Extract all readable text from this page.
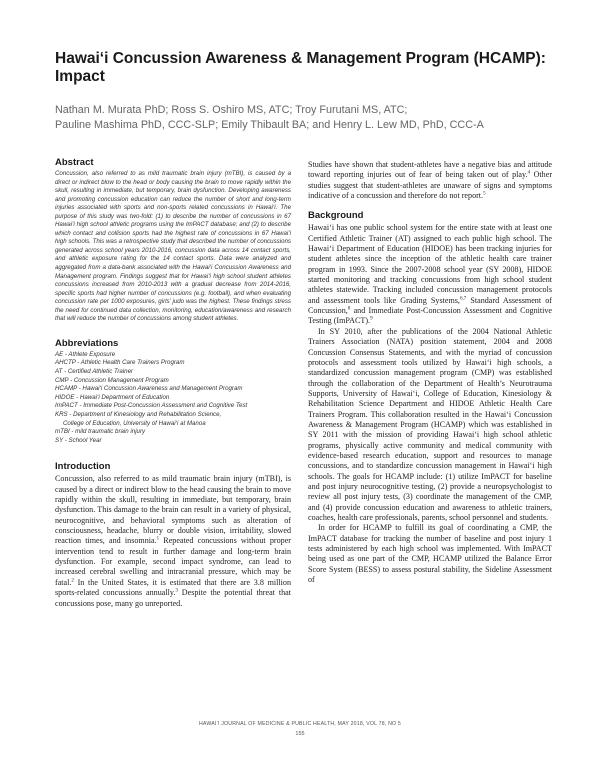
Hawai‘i Concussion Awareness & Management Program (HCAMP): Impact
Nathan M. Murata PhD; Ross S. Oshiro MS, ATC; Troy Furutani MS, ATC;
Pauline Mashima PhD, CCC-SLP; Emily Thibault BA; and Henry L. Lew MD, PhD, CCC-A
Abstract

Concussion, also referred to as mild traumatic brain injury (mTBI), is caused by a direct or indirect blow to the head or body causing the brain to move rapidly within the skull, resulting in immediate, but temporary, brain dysfunction. Developing awareness and promoting concussion education can reduce the number of short and long-term injuries associated with sports and non-sports related concussions in Hawai‘i. The purpose of this study was two-fold: (1) to describe the number of concussions in 67 Hawai‘i high school athletic programs using the ImPACT database; and (2) to describe which contact and collision sports had the highest rate of concussions in 67 Hawai‘i high schools. This was a retrospective study that described the number of concussions generated across school years 2010-2016, concussion data across 14 contact sports, and athletic exposure rating for the 14 contact sports. Data were analyzed and aggregated from a data-bank associated with the Hawai‘i Concussion Awareness and Management program. Findings suggest that for Hawai‘i high school student athletes concussions increased from 2010-2013 with a gradual decrease from 2014-2016, specific sports had higher number of concussions (e.g. football), and when evaluating concussion rate per 1000 exposures, girls’ judo was the highest. These findings stress the need for continued data collection, monitoring, education/awareness and research that will reduce the number of concussions among student athletes.

Abbreviations
AE - Athlete Exposure
AHCTP - Athletic Health Care Trainers Program
AT - Certified Athletic Trainer
CMP - Concussion Management Program
HCAMP - Hawai‘i Concussion Awareness and Management Program
HIDOE - Hawai‘i Department of Education
ImPACT - Immediate Post-Concussion Assessment and Cognitive Test
KRS - Department of Kinesiology and Rehabilitation Science,
College of Education, University of Hawai‘i at Manoa
mTBI - mild traumatic brain injury
SY - School Year
Introduction

Concussion, also referred to as mild traumatic brain injury (mTBI), is caused by a direct or indirect blow to the head causing the brain to move rapidly within the skull, resulting in immediate, but temporary, brain dysfunction. This damage to the brain can result in a variety of physical, neurocognitive, and behavioral symptoms such as alteration of consciousness, headache, blurry or double vision, irritability, slowed reaction times, and insomnia.$^1$ Repeated concussions without proper intervention tend to result in further damage and long-term brain dysfunction. For example, second impact syndrome, can lead to increased cerebral swelling and intracranial pressure, which may be fatal.$^2$ In the United States, it is estimated that there are 3.8 million sports-related concussions annually.$^3$ Despite the potential threat that concussions pose, many go unreported.

Studies have shown that student-athletes have a negative bias and attitude toward reporting injuries out of fear of being taken out of play.$^4$ Other studies suggest that student-athletes are unaware of signs and symptoms indicative of a concussion and therefore do not report.$^5$

Background

Hawai‘i has one public school system for the entire state with at least one Certified Athletic Trainer (AT) assigned to each public high school. The Hawai‘i Department of Education (HIDOE) has been tracking injuries for student athletes since the inception of the athletic health care trainer program in 1993. Since the 2007-2008 school year (SY 2008), HIDOE started monitoring and tracking concussions from high school student athletes statewide. Tracking included concussion management protocols and assessment tools like Grading Systems,$^{6,7}$ Standard Assessment of Concussion,$^8$ and Immediate Post-Concussion Assessment and Cognitive Testing (ImPACT).$^9$

In SY 2010, after the publications of the 2004 National Athletic Trainers Association (NATA) position statement, 2004 and 2008 Concussion Consensus Statements, and with the myriad of concussion protocols and assessment tools utilized by Hawai‘i high schools, a standardized concussion management program (CMP) was established through the collaboration of the Department of Health’s Neurotrauma Supports, University of Hawai‘i, College of Education, Kinesiology & Rehabilitation Science Department and HIDOE Athletic Health Care Trainers Program. This collaboration resulted in the Hawai‘i Concussion Awareness & Management Program (HCAMP) which was established in SY 2011 with the mission of providing Hawai‘i high school athletic programs, physically active community and medical community with evidence-based research education, support and resources to manage concussions, and to standardize concussion management in Hawai‘i high schools. The goals for HCAMP include: (1) utilize ImPACT for baseline and post injury neurocognitive testing, (2) provide a neuropsychologist to review all post injury tests, (3) coordinate the management of the CMP, and (4) provide concussion education and awareness to athletic trainers, coaches, health care professionals, parents, school personnel and students.

In order for HCAMP to fulfill its goal of coordinating a CMP, the ImPACT database for tracking the number of baseline and post injury 1 tests administered by each high school was implemented. With ImPACT being used as one part of the CMP, HCAMP utilized the Balance Error Score System (BESS) to assess postural stability, the Sideline Assessment of

HAWAI‘I JOURNAL OF MEDICINE & PUBLIC HEALTH, MAY 2018, VOL 78, NO 5
155
